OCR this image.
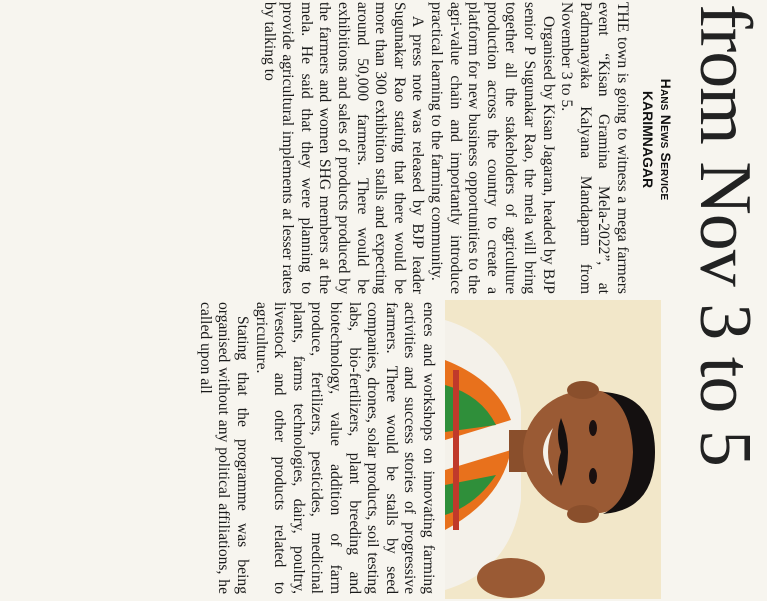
from Nov 3 to 5
Hans News Service
KARIMNAGAR

THE town is going to witness a mega farmers event “Kisan Gramina Mela-2022”, at Padmanayaka Kalyana Mandapam from November 3 to 5.

Organised by Kisan Jagaran, headed by BJP senior P Sugunakar Rao, the mela will bring together all the stakeholders of agriculture production across the country to create a platform for new business opportunities to the agri-value chain and importantly introduce practical learning to the farming community.

A press note was released by BJP leader Sugunakar Rao stating that there would be more than 300 exhibition stalls and expecting around 50,000 farmers. There would be exhibitions and sales of products produced by the farmers and women SHG members at the mela. He said that they were planning to provide agricultural implements at lesser rates by talking to

ences and workshops on innovating farming activities and success stories of progressive farmers. There would be stalls by seed companies, drones, solar products, soil testing labs, bio-fertilizers, plant breeding and biotechnology, value addition of farm produce, fertilizers, pesticides, medicinal plants, farms technologies, dairy, poultry, livestock and other products related to agriculture.

Stating that the programme was being organised without any political affiliations, he called upon all
